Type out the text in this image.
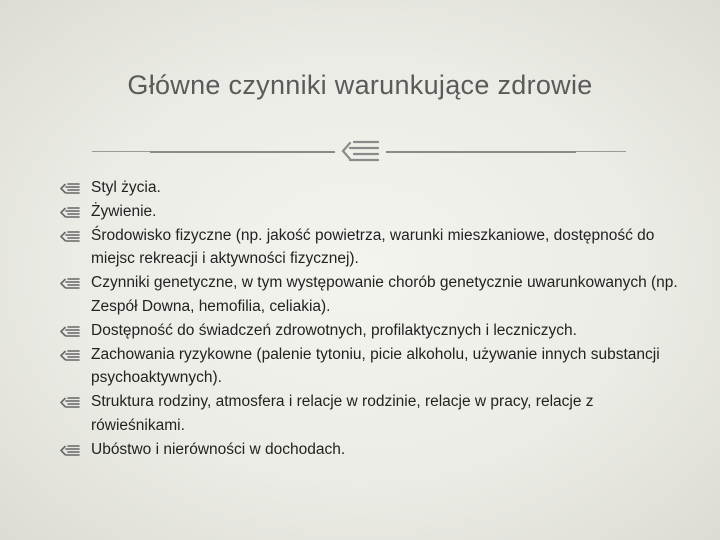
Główne czynniki warunkujące zdrowie
Styl życia.
Żywienie.
Środowisko fizyczne (np. jakość powietrza, warunki mieszkaniowe, dostępność do miejsc rekreacji i aktywności fizycznej).
Czynniki genetyczne, w tym występowanie chorób genetycznie uwarunkowanych (np. Zespół Downa, hemofilia, celiakia).
Dostępność do świadczeń zdrowotnych, profilaktycznych i leczniczych.
Zachowania ryzykowne (palenie tytoniu, picie alkoholu, używanie innych substancji psychoaktywnych).
Struktura rodziny, atmosfera i relacje w rodzinie, relacje w pracy, relacje z rówieśnikami.
Ubóstwo i nierówności w dochodach.
